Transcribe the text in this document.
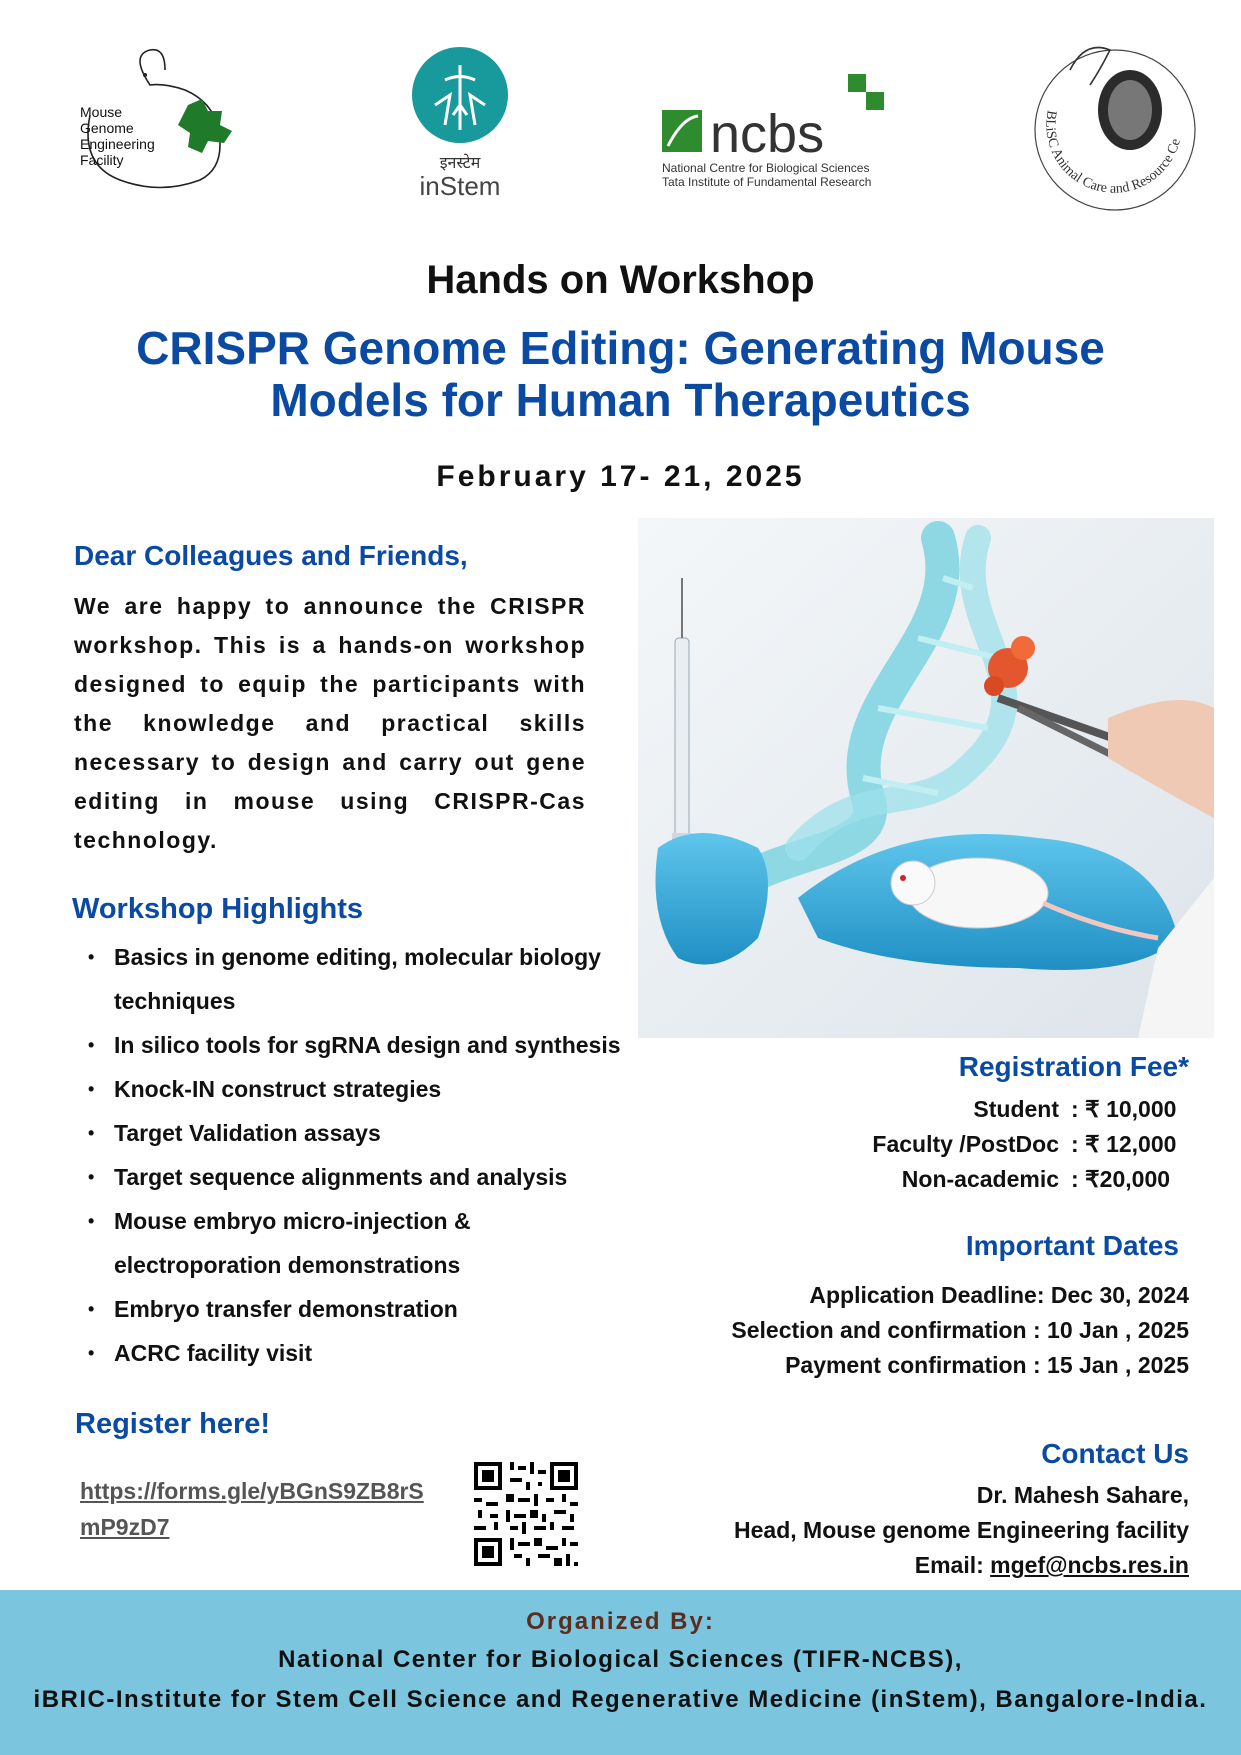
Mouse
Genome
Engineering
Facility	इनस्टेम
inStem
ncbs
National Centre for Biological Sciences
Tata Institute of Fundamental Research
BLiSC Animal Care and Resource Ce
Hands on Workshop
CRISPR Genome Editing: Generating Mouse
Models for Human Therapeutics
February 17- 21, 2025
Dear Colleagues and Friends,
We are happy to announce the CRISPR workshop. This is a hands-on workshop designed to equip the participants with the knowledge and practical skills necessary to design and carry out gene editing in mouse using CRISPR-Cas technology.
Workshop Highlights
• Basics in genome editing, molecular biology techniques
• In silico tools for sgRNA design and synthesis
• Knock-IN construct strategies
• Target Validation assays
• Target sequence alignments and analysis
• Mouse embryo micro-injection & electroporation demonstrations
• Embryo transfer demonstration
• ACRC facility visit
Register here!
https://forms.gle/yBGnS9ZB8rSmP9zD7
Registration Fee*
Student : ₹ 10,000
Faculty /PostDoc : ₹ 12,000
Non-academic : ₹20,000
Important Dates
Application Deadline: Dec 30, 2024
Selection and confirmation : 10 Jan , 2025
Payment confirmation : 15 Jan , 2025
Contact Us
Dr. Mahesh Sahare,
Head, Mouse genome Engineering facility
Email: mgef@ncbs.res.in
Organized By:
National Center for Biological Sciences (TIFR-NCBS),
iBRIC-Institute for Stem Cell Science and Regenerative Medicine (inStem), Bangalore-India.
